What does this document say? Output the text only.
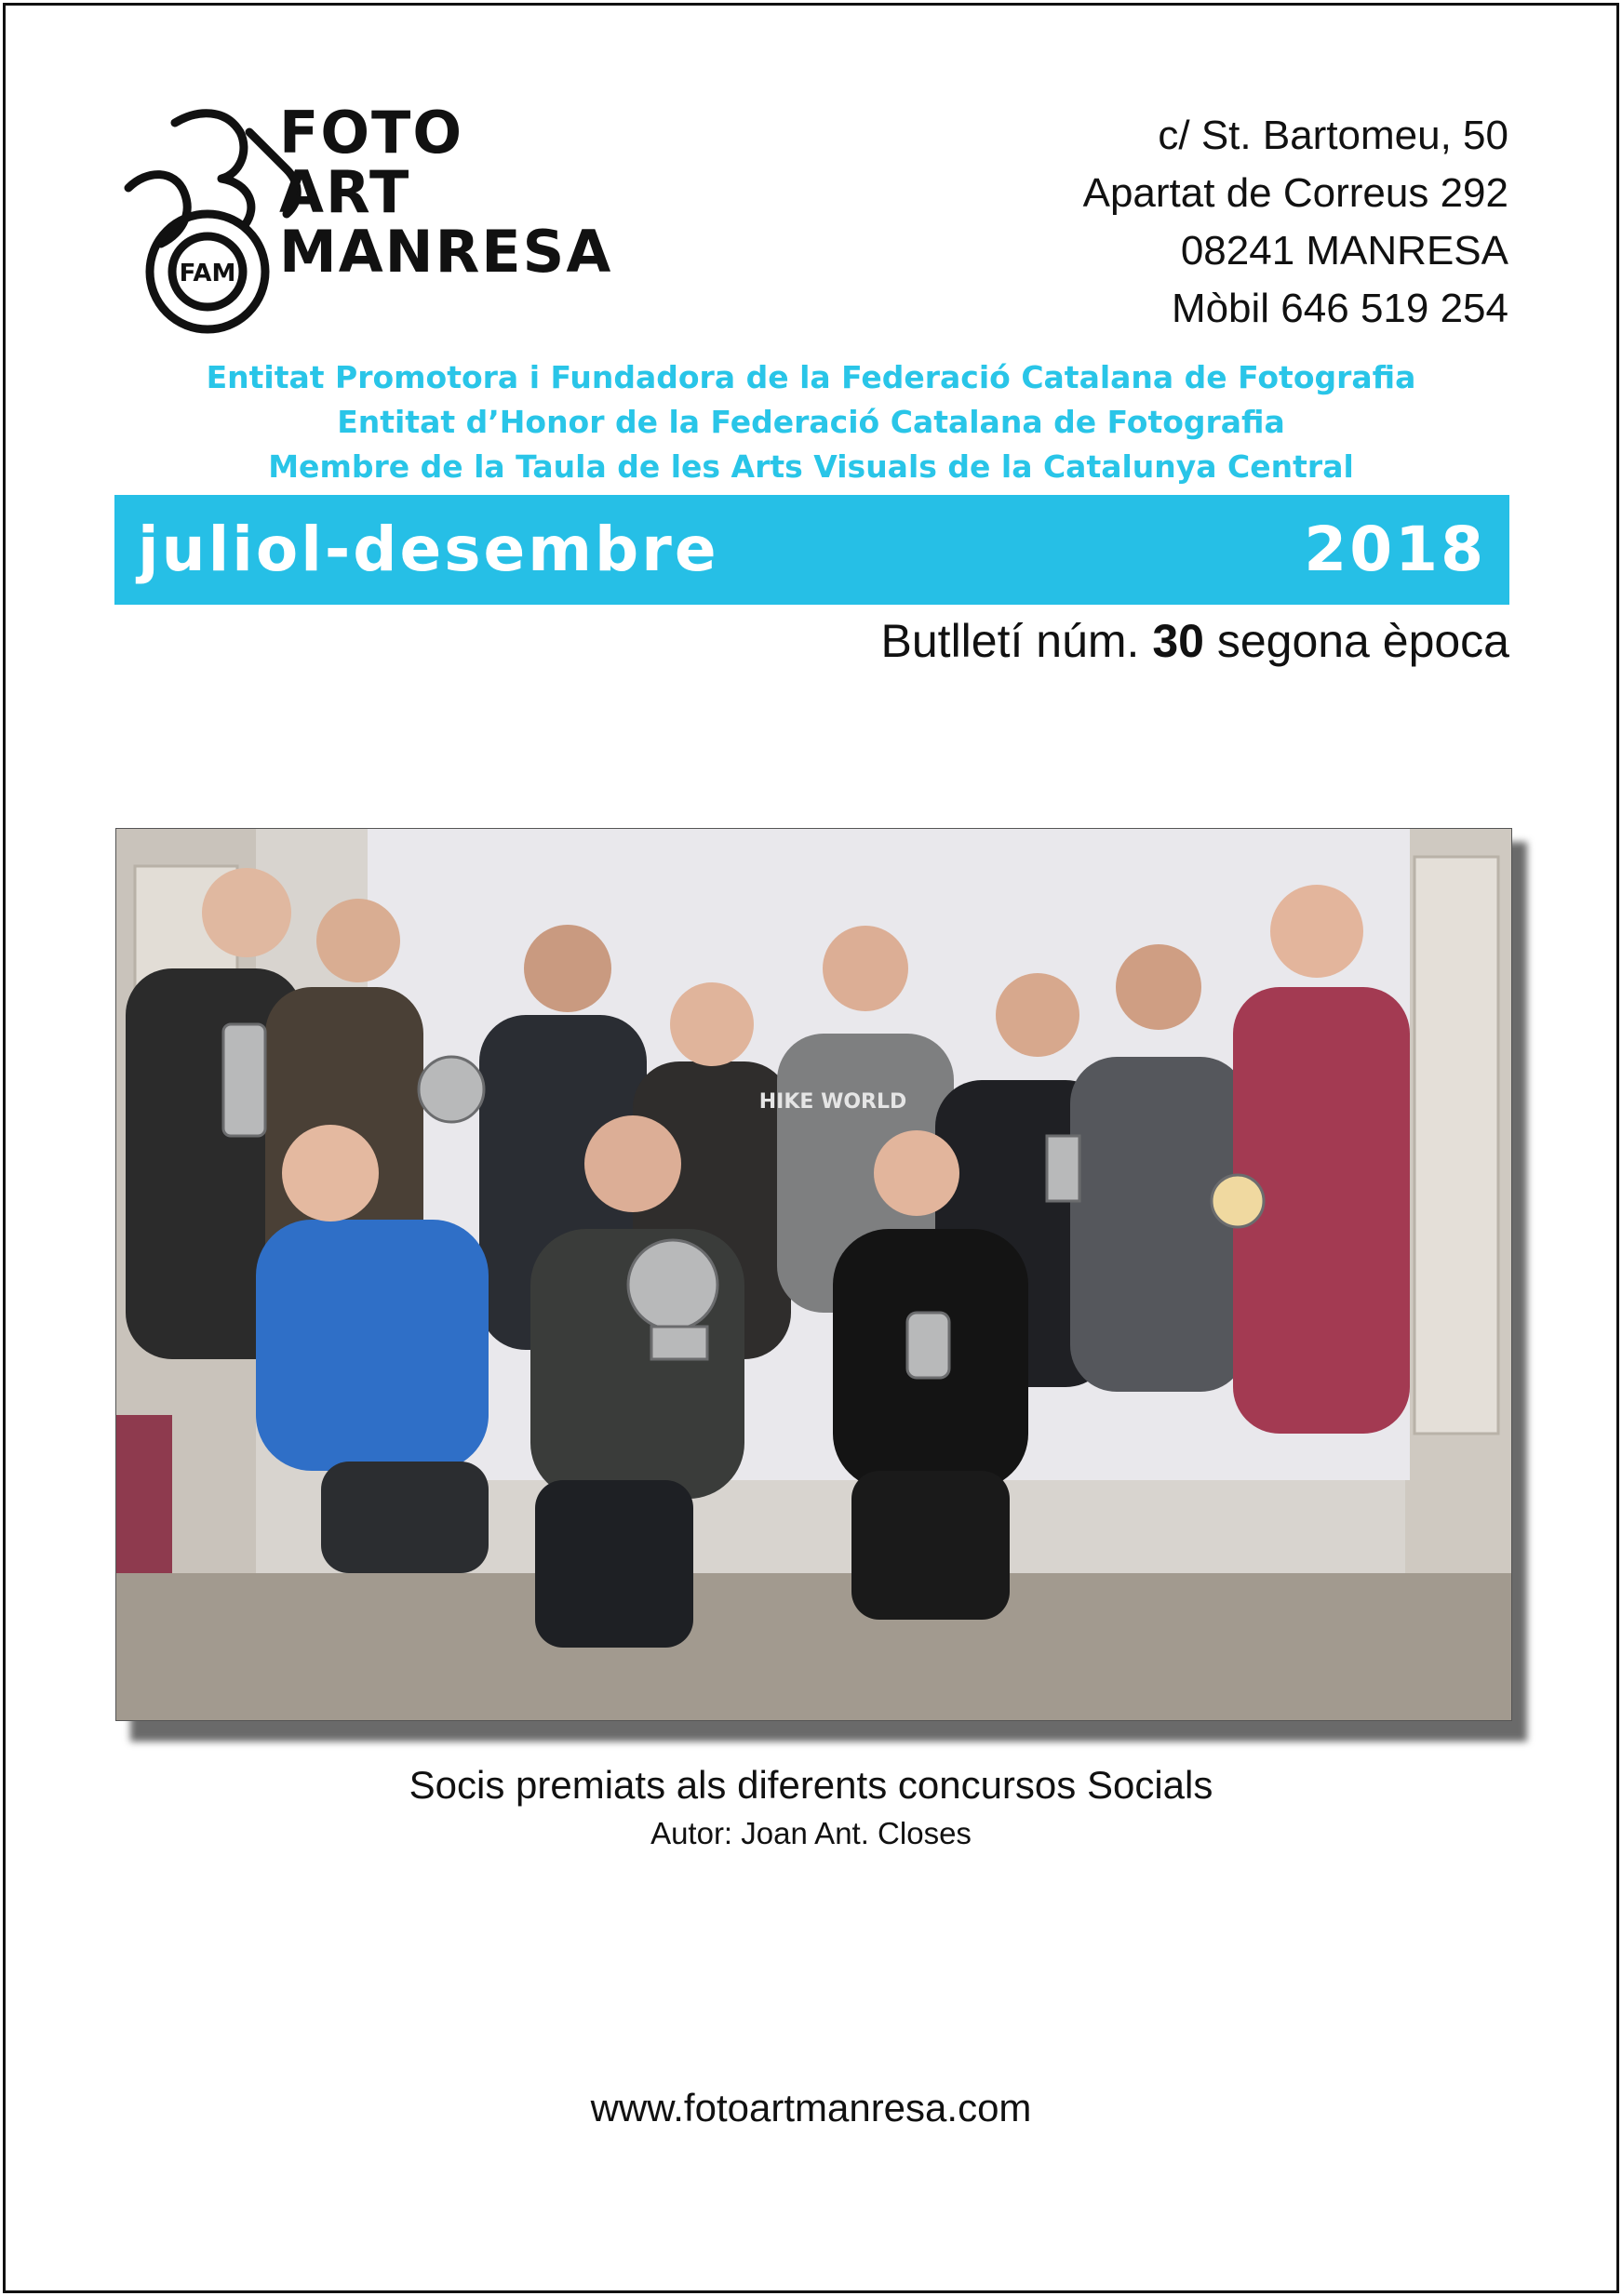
FAM
FOTO
ART
MANRESA
c/ St. Bartomeu, 50
Apartat de Correus 292
08241 MANRESA
Mòbil 646 519 254
Entitat Promotora i Fundadora de la Federació Catalana de Fotografia
Entitat d’Honor de la Federació Catalana de Fotografia
Membre de la Taula de les Arts Visuals de la Catalunya Central
juliol-desembre	2018
Butlletí núm. 30 segona època
HIKE WORLD
Socis premiats als diferents concursos Socials
Autor: Joan Ant. Closes
www.fotoartmanresa.com
